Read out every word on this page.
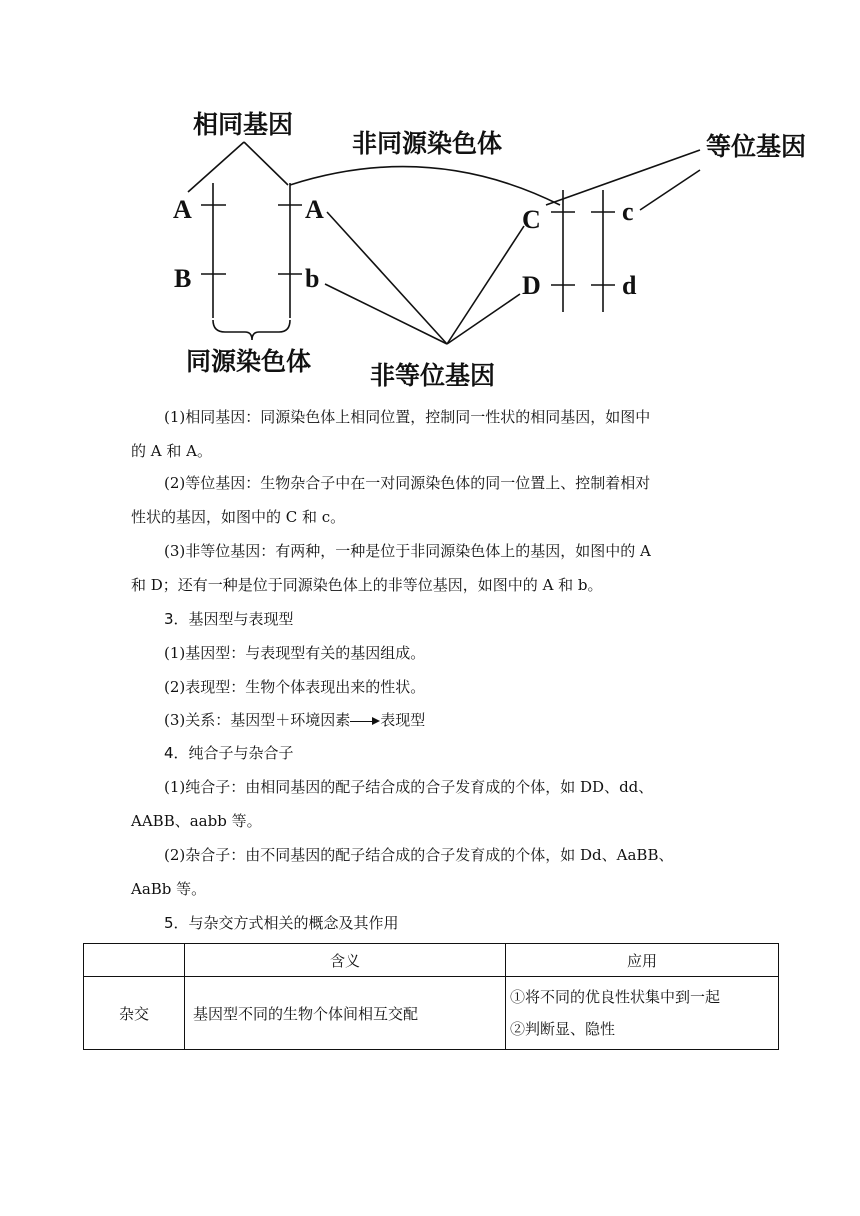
相同基因
非同源染色体	等位基因
同源染色体 非等位基因
A
B
A
b
C
D
c
d

(1)相同基因：同源染色体上相同位置，控制同一性状的相同基因，如图中
的 A 和 A。

(2)等位基因：生物杂合子中在一对同源染色体的同一位置上、控制着相对
性状的基因，如图中的 C 和 c。

(3)非等位基因：有两种，一种是位于非同源染色体上的基因，如图中的 A
和 D；还有一种是位于同源染色体上的非等位基因，如图中的 A 和 b。

3．基因型与表现型

(1)基因型：与表现型有关的基因组成。

(2)表现型：生物个体表现出来的性状。

(3)关系：基因型＋环境因素 表现型

4．纯合子与杂合子

(1)纯合子：由相同基因的配子结合成的合子发育成的个体，如 DD、dd、
AABB、aabb 等。

(2)杂合子：由不同基因的配子结合成的合子发育成的个体，如 Dd、AaBB、
AaBb 等。

5．与杂交方式相关的概念及其作用

	含义	应用
杂交	基因型不同的生物个体间相互交配	①将不同的优良性状集中到一起
②判断显、隐性
